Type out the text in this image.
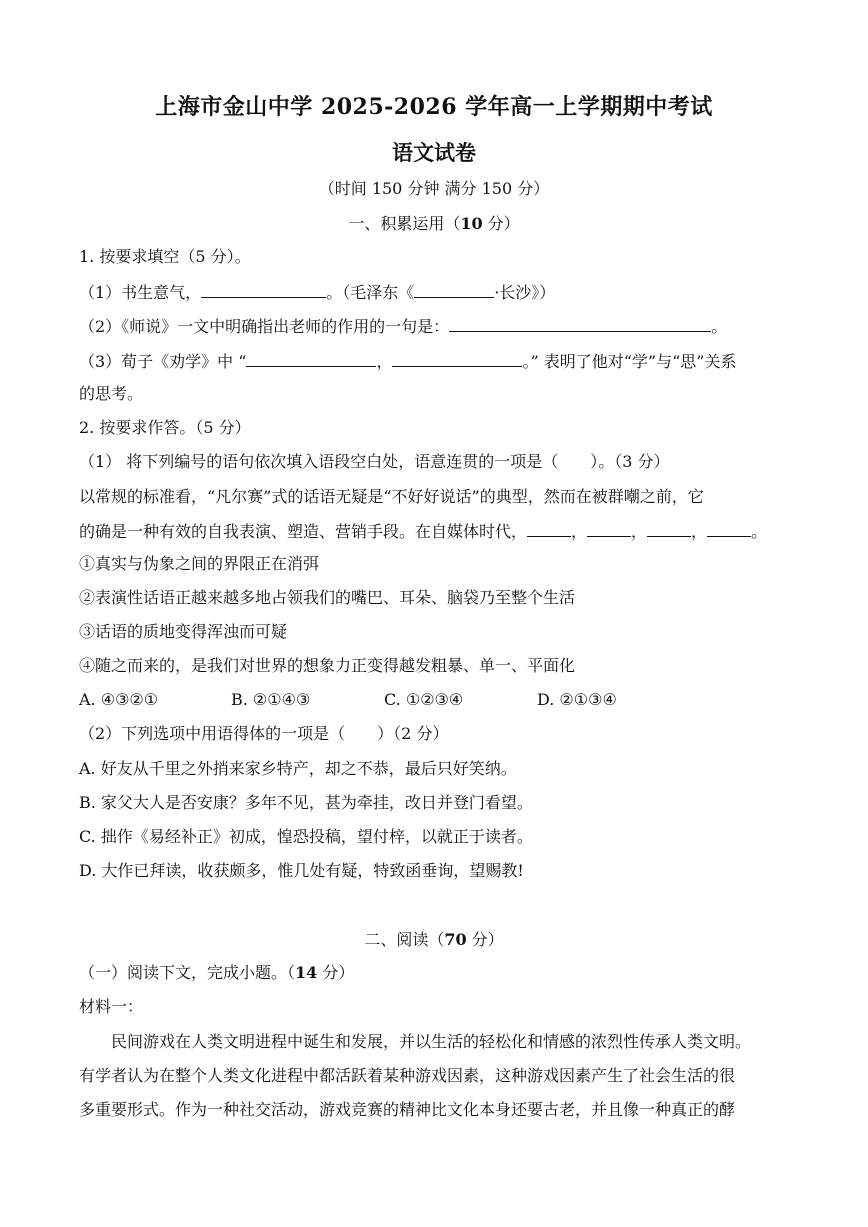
上海市金山中学 2025-2026 学年高一上学期期中考试
语文试卷
（时间 150 分钟 满分 150 分）
一、积累运用（10 分）
1. 按要求填空（5 分）。
（1）书生意气，	。（毛泽东《	·长沙》）
（2）《师说》一文中明确指出老师的作用的一句是：	。
（3）荀子《劝学》中 “	，	。” 表明了他对“学”与“思”关系
的思考。
2. 按要求作答。（5 分）
（1） 将下列编号的语句依次填入语段空白处，语意连贯的一项是（　　）。（3 分）
以常规的标准看，“凡尔赛”式的话语无疑是“不好好说话”的典型，然而在被群嘲之前，它
的确是一种有效的自我表演、塑造、营销手段。在自媒体时代，	，	，	，	。
①真实与伪象之间的界限正在消弭
②表演性话语正越来越多地占领我们的嘴巴、耳朵、脑袋乃至整个生活
③话语的质地变得浑浊而可疑
④随之而来的，是我们对世界的想象力正变得越发粗暴、单一、平面化
A. ④③②①	B. ②①④③	C. ①②③④	D. ②①③④
（2）下列选项中用语得体的一项是（　　）（2 分）
A. 好友从千里之外捎来家乡特产，却之不恭，最后只好笑纳。
B. 家父大人是否安康？多年不见，甚为牵挂，改日并登门看望。
C. 拙作《易经补正》初成，惶恐投稿，望付梓，以就正于读者。
D. 大作已拜读，收获颇多，惟几处有疑，特致函垂询，望赐教!
二、阅读（70 分）
（一）阅读下文，完成小题。（14 分）
材料一：
民间游戏在人类文明进程中诞生和发展，并以生活的轻松化和情感的浓烈性传承人类文明。
有学者认为在整个人类文化进程中都活跃着某种游戏因素，这种游戏因素产生了社会生活的很
多重要形式。作为一种社交活动，游戏竞赛的精神比文化本身还要古老，并且像一种真正的酵
